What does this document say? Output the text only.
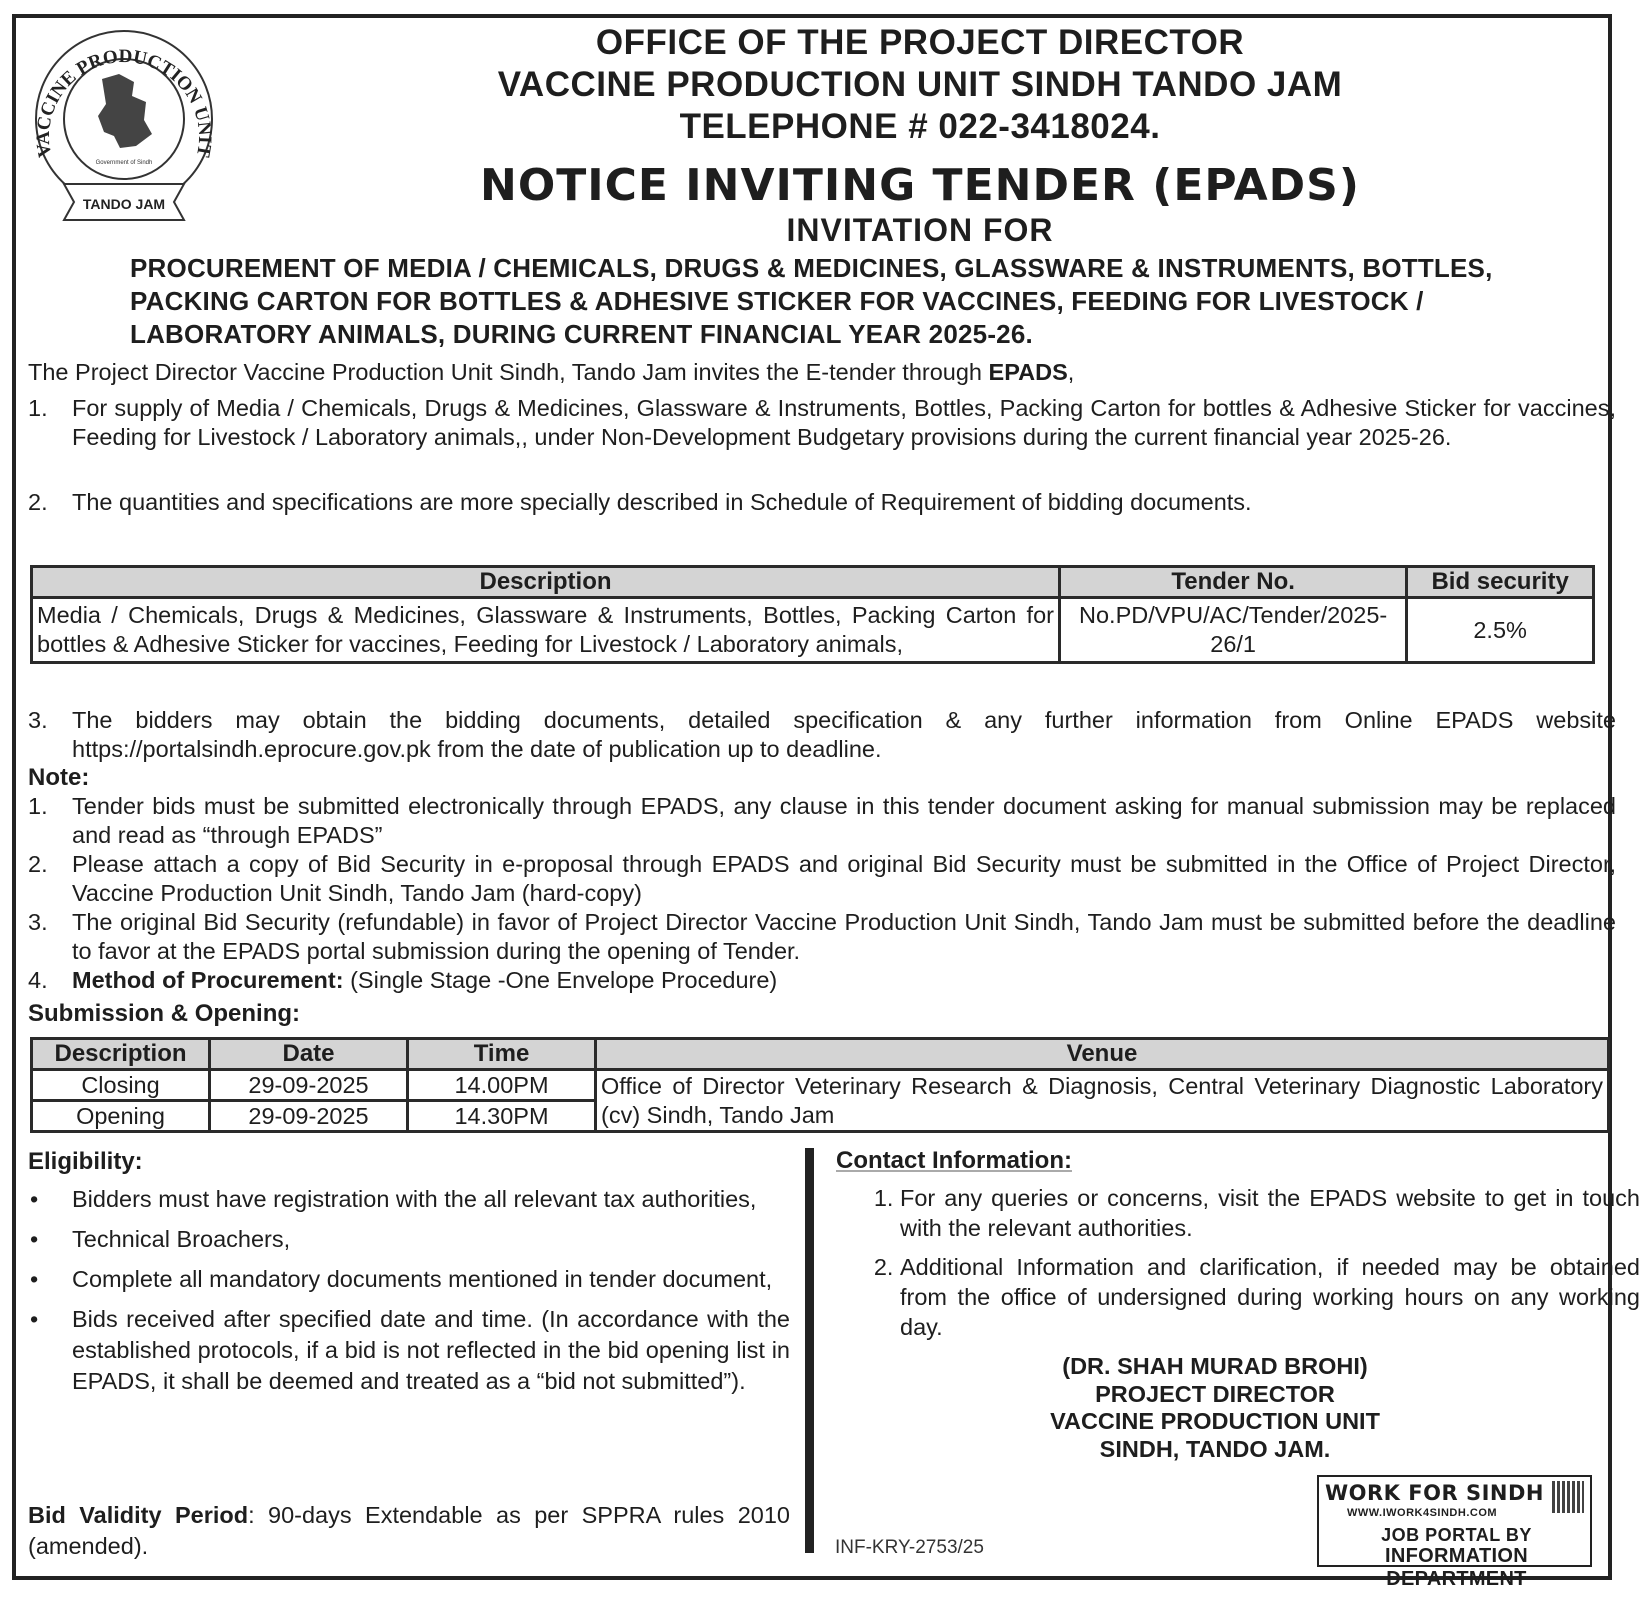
VACCINE PRODUCTION UNIT
Government of Sindh
TANDO JAM
OFFICE OF THE PROJECT DIRECTOR
VACCINE PRODUCTION UNIT SINDH TANDO JAM
TELEPHONE # 022-3418024.
NOTICE INVITING TENDER (EPADS)
INVITATION FOR
PROCUREMENT OF MEDIA / CHEMICALS, DRUGS & MEDICINES, GLASSWARE & INSTRUMENTS, BOTTLES, PACKING CARTON FOR BOTTLES & ADHESIVE STICKER FOR VACCINES, FEEDING FOR LIVESTOCK / LABORATORY ANIMALS, DURING CURRENT FINANCIAL YEAR 2025-26.
The Project Director Vaccine Production Unit Sindh, Tando Jam invites the E-tender through EPADS,
1. For supply of Media / Chemicals, Drugs & Medicines, Glassware & Instruments, Bottles, Packing Carton for bottles & Adhesive Sticker for vaccines, Feeding for Livestock / Laboratory animals,, under Non-Development Budgetary provisions during the current financial year 2025-26.
2. The quantities and specifications are more specially described in Schedule of Requirement of bidding documents.
Description	Tender No.	Bid security
Media / Chemicals, Drugs & Medicines, Glassware & Instruments, Bottles, Packing Carton for bottles & Adhesive Sticker for vaccines, Feeding for Livestock / Laboratory animals,	No.PD/VPU/AC/Tender/2025-26/1	2.5%
3. The bidders may obtain the bidding documents, detailed specification & any further information from Online EPADS website https://portalsindh.eprocure.gov.pk from the date of publication up to deadline.
Note:
1. Tender bids must be submitted electronically through EPADS, any clause in this tender document asking for manual submission may be replaced and read as “through EPADS”
2. Please attach a copy of Bid Security in e-proposal through EPADS and original Bid Security must be submitted in the Office of Project Director, Vaccine Production Unit Sindh, Tando Jam (hard-copy)
3. The original Bid Security (refundable) in favor of Project Director Vaccine Production Unit Sindh, Tando Jam must be submitted before the deadline to favor at the EPADS portal submission during the opening of Tender.
4. Method of Procurement: (Single Stage -One Envelope Procedure)
Submission & Opening:
Description	Date	Time	Venue
Closing	29-09-2025	14.00PM	Office of Director Veterinary Research & Diagnosis, Central Veterinary Diagnostic Laboratory (cv) Sindh, Tando Jam
Opening	29-09-2025	14.30PM	
Eligibility:
• Bidders must have registration with the all relevant tax authorities,
• Technical Broachers,
• Complete all mandatory documents mentioned in tender document,
• Bids received after specified date and time. (In accordance with the established protocols, if a bid is not reflected in the bid opening list in EPADS, it shall be deemed and treated as a “bid not submitted”).
Bid Validity Period: 90-days Extendable as per SPPRA rules 2010 (amended).
Contact Information:
1. For any queries or concerns, visit the EPADS website to get in touch with the relevant authorities.
2. Additional Information and clarification, if needed may be obtained from the office of undersigned during working hours on any working day.
(DR. SHAH MURAD BROHI)
PROJECT DIRECTOR
VACCINE PRODUCTION UNIT
SINDH, TANDO JAM.
INF-KRY-2753/25
WORK FOR SINDH
WWW.IWORK4SINDH.COM
JOB PORTAL BY
INFORMATION DEPARTMENT
